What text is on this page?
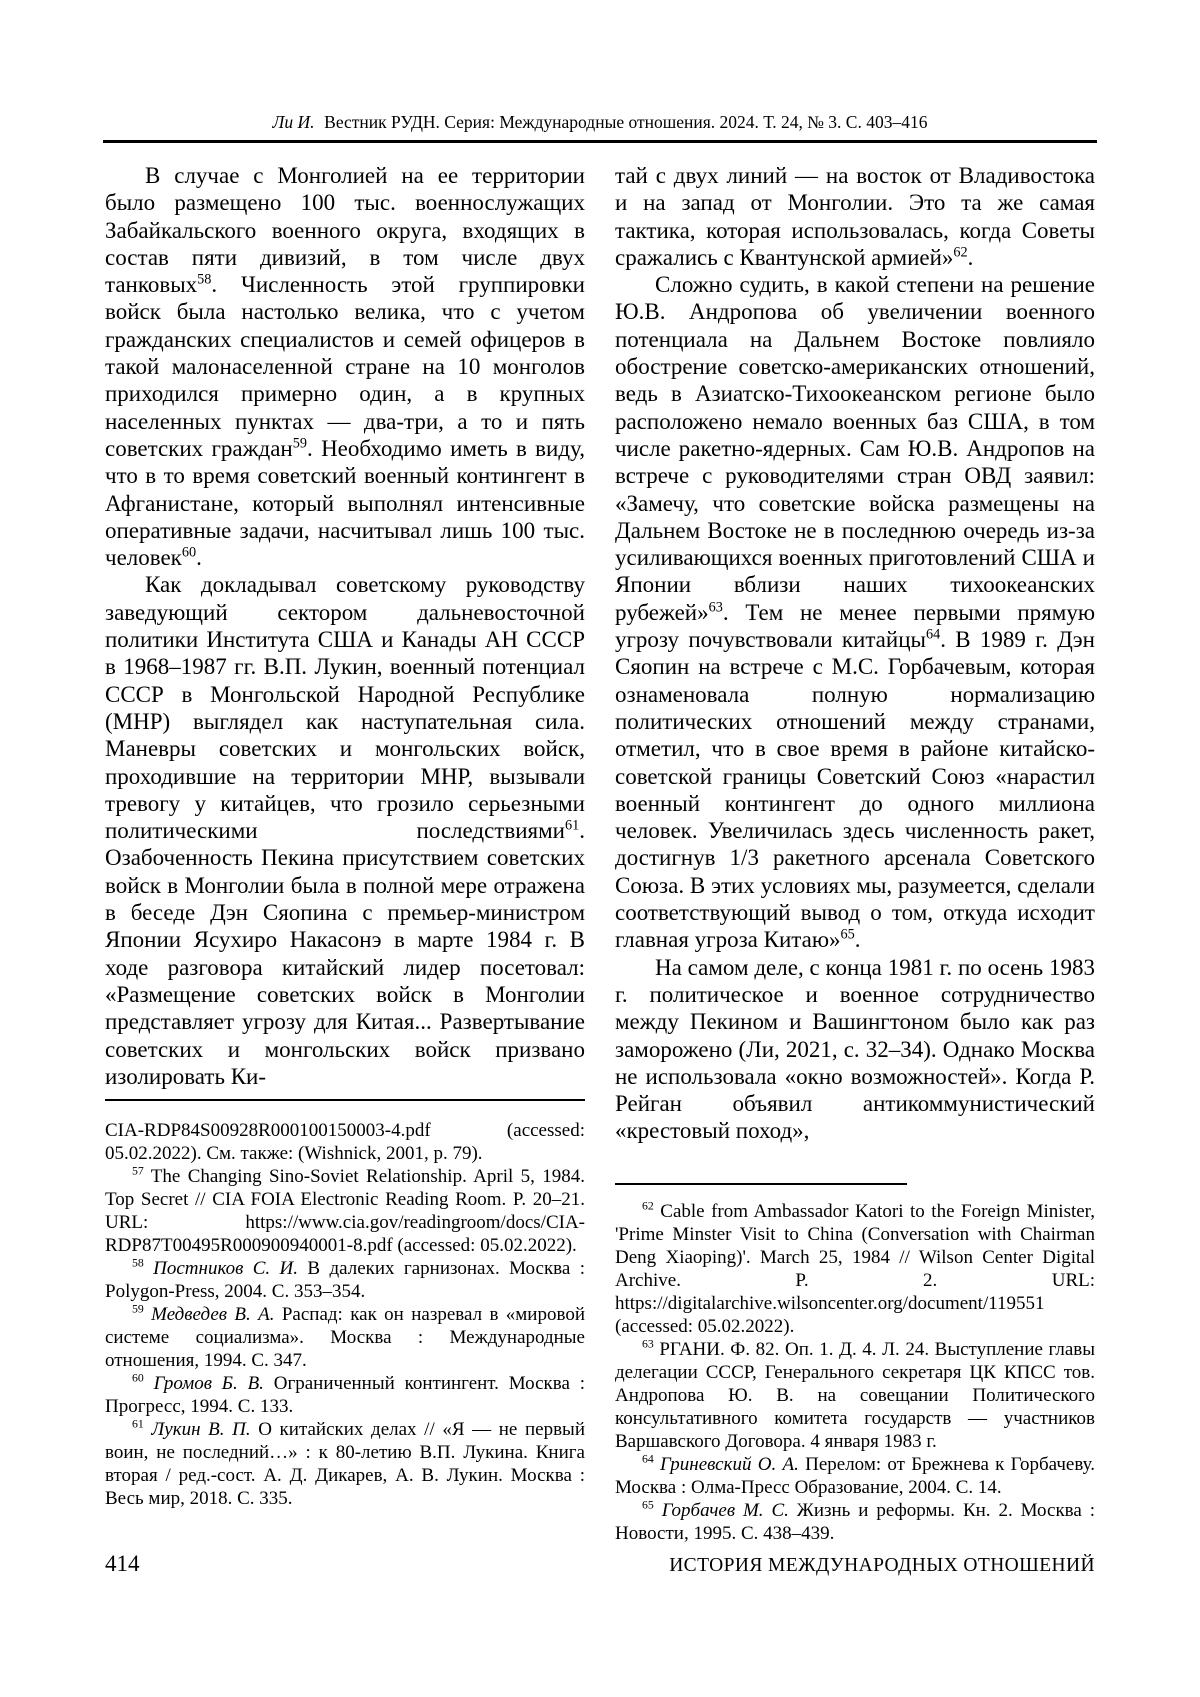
Ли И. Вестник РУДН. Серия: Международные отношения. 2024. Т. 24, № 3. С. 403–416

В случае с Монголией на ее территории было размещено 100 тыс. военнослужащих Забайкальского военного округа, входящих в состав пяти дивизий, в том числе двух танковых$^{58}$. Численность этой группировки войск была настолько велика, что с учетом гражданских специалистов и семей офицеров в такой малонаселенной стране на 10 монголов приходился примерно один, а в крупных населенных пунктах — два-три, а то и пять советских граждан$^{59}$. Необходимо иметь в виду, что в то время советский военный контингент в Афганистане, который выполнял интенсивные оперативные задачи, насчитывал лишь 100 тыс. человек$^{60}$.

Как докладывал советскому руководству заведующий сектором дальневосточной политики Института США и Канады АН СССР в 1968–1987 гг. В.П. Лукин, военный потенциал СССР в Монгольской Народной Республике (МНР) выглядел как наступательная сила. Маневры советских и монгольских войск, проходившие на территории МНР, вызывали тревогу у китайцев, что грозило серьезными политическими последствиями$^{61}$. Озабоченность Пекина присутствием советских войск в Монголии была в полной мере отражена в беседе Дэн Сяопина с премьер-министром Японии Ясухиро Накасонэ в марте 1984 г. В ходе разговора китайский лидер посетовал: «Размещение советских войск в Монголии представляет угрозу для Китая... Развертывание советских и монгольских войск призвано изолировать Ки-

CIA-RDP84S00928R000100150003-4.pdf (accessed: 05.02.2022). См. также: (Wishnick, 2001, p. 79).

$^{57}$ The Changing Sino-Soviet Relationship. April 5, 1984. Top Secret // CIA FOIA Electronic Reading Room. P. 20–21. URL: https://www.cia.gov/readingroom/docs/CIA-RDP87T00495R000900940001-8.pdf (accessed: 05.02.2022).

$^{58}$ Постников С. И. В далеких гарнизонах. Москва : Polygon-Press, 2004. С. 353–354.

$^{59}$ Медведев В. А. Распад: как он назревал в «мировой системе социализма». Москва : Международные отношения, 1994. С. 347.

$^{60}$ Громов Б. В. Ограниченный контингент. Москва : Прогресс, 1994. С. 133.

$^{61}$ Лукин В. П. О китайских делах // «Я — не первый воин, не последний…» : к 80-летию В.П. Лукина. Книга вторая / ред.-сост. А. Д. Дикарев, А. В. Лукин. Москва : Весь мир, 2018. С. 335.

тай с двух линий — на восток от Владивостока и на запад от Монголии. Это та же самая тактика, которая использовалась, когда Советы сражались с Квантунской армией»$^{62}$.

Сложно судить, в какой степени на решение Ю.В. Андропова об увеличении военного потенциала на Дальнем Востоке повлияло обострение советско-американских отношений, ведь в Азиатско-Тихоокеанском регионе было расположено немало военных баз США, в том числе ракетно-ядерных. Сам Ю.В. Андропов на встрече с руководителями стран ОВД заявил: «Замечу, что советские войска размещены на Дальнем Востоке не в последнюю очередь из-за усиливающихся военных приготовлений США и Японии вблизи наших тихоокеанских рубежей»$^{63}$. Тем не менее первыми прямую угрозу почувствовали китайцы$^{64}$. В 1989 г. Дэн Сяопин на встрече с М.С. Горбачевым, которая ознаменовала полную нормализацию политических отношений между странами, отметил, что в свое время в районе китайско-советской границы Советский Союз «нарастил военный контингент до одного миллиона человек. Увеличилась здесь численность ракет, достигнув 1/3 ракетного арсенала Советского Союза. В этих условиях мы, разумеется, сделали соответствующий вывод о том, откуда исходит главная угроза Китаю»$^{65}$.

На самом деле, с конца 1981 г. по осень 1983 г. политическое и военное сотрудничество между Пекином и Вашингтоном было как раз заморожено (Ли, 2021, с. 32–34). Однако Москва не использовала «окно возможностей». Когда Р. Рейган объявил антикоммунистический «крестовый поход»,

$^{62}$ Cable from Ambassador Katori to the Foreign Minister, 'Prime Minster Visit to China (Conversation with Chairman Deng Xiaoping)'. March 25, 1984 // Wilson Center Digital Archive. P. 2. URL: https://digitalarchive.wilsoncenter.org/document/119551 (accessed: 05.02.2022).

$^{63}$ РГАНИ. Ф. 82. Оп. 1. Д. 4. Л. 24. Выступление главы делегации СССР, Генерального секретаря ЦК КПСС тов. Андропова Ю. В. на совещании Политического консультативного комитета государств — участников Варшавского Договора. 4 января 1983 г.

$^{64}$ Гриневский О. А. Перелом: от Брежнева к Горбачеву. Москва : Олма-Пресс Образование, 2004. С. 14.

$^{65}$ Горбачев М. С. Жизнь и реформы. Кн. 2. Москва : Новости, 1995. С. 438–439.

414	ИСТОРИЯ МЕЖДУНАРОДНЫХ ОТНОШЕНИЙ
